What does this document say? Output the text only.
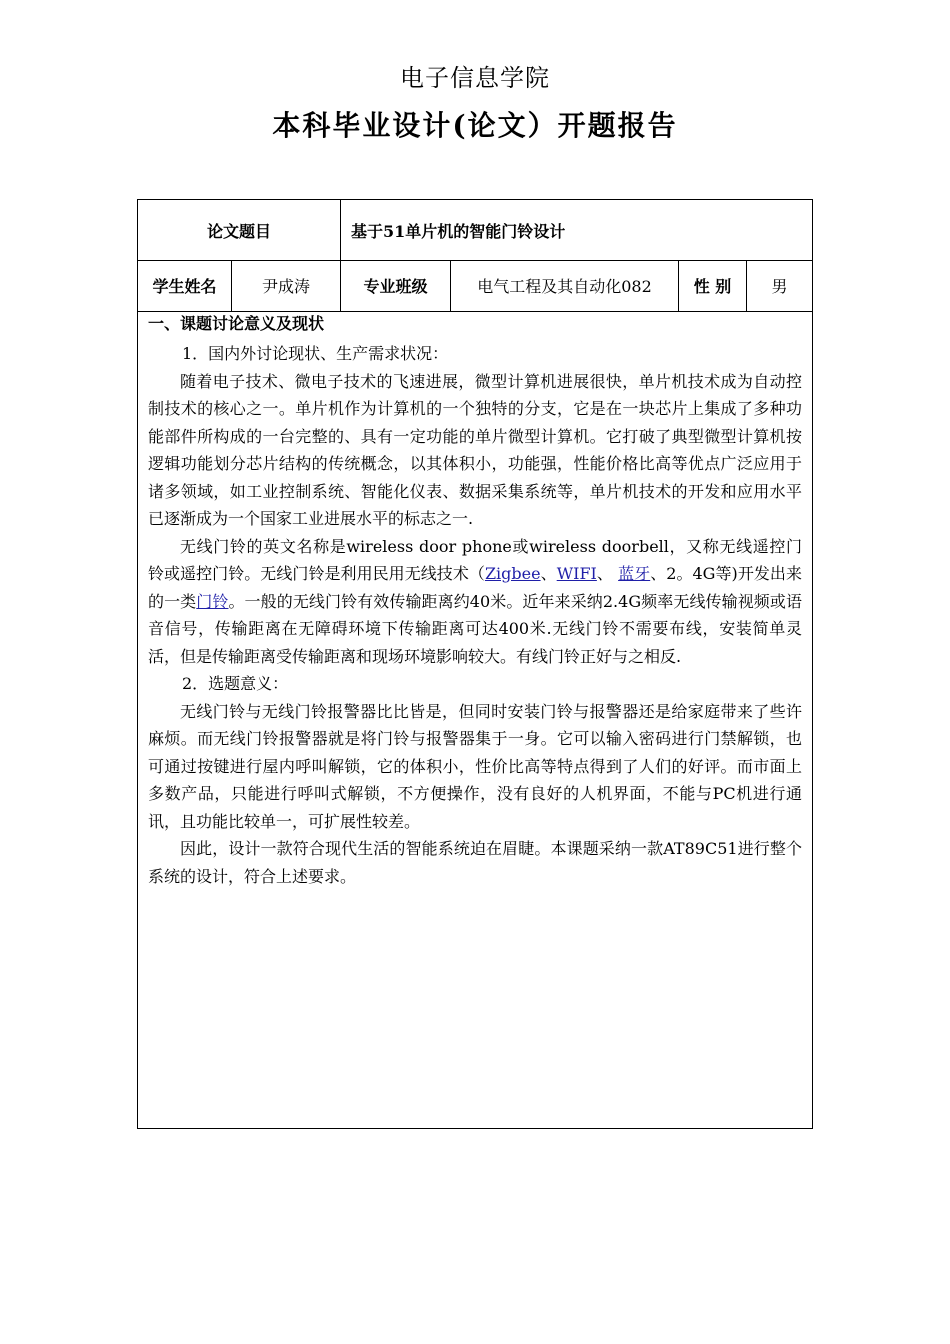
电子信息学院
本科毕业设计(论文）开题报告
论文题目	基于51单片机的智能门铃设计
学生姓名	尹成涛	专业班级	电气工程及其自动化082	性 别	男
一、课题讨论意义及现状

1．国内外讨论现状、生产需求状况：

随着电子技术、微电子技术的飞速进展，微型计算机进展很快，单片机技术成为自动控制技术的核心之一。单片机作为计算机的一个独特的分支，它是在一块芯片上集成了多种功能部件所构成的一台完整的、具有一定功能的单片微型计算机。它打破了典型微型计算机按逻辑功能划分芯片结构的传统概念，以其体积小，功能强，性能价格比高等优点广泛应用于诸多领域，如工业控制系统、智能化仪表、数据采集系统等，单片机技术的开发和应用水平已逐渐成为一个国家工业进展水平的标志之一.

无线门铃的英文名称是wireless door phone或wireless doorbell，又称无线遥控门铃或遥控门铃。无线门铃是利用民用无线技术（Zigbee、WIFI、 蓝牙、2。4G等)开发出来的一类门铃。一般的无线门铃有效传输距离约40米。近年来采纳2.4G频率无线传输视频或语音信号，传输距离在无障碍环境下传输距离可达400米.无线门铃不需要布线，安装简单灵活，但是传输距离受传输距离和现场环境影响较大。有线门铃正好与之相反.

2．选题意义：

无线门铃与无线门铃报警器比比皆是，但同时安装门铃与报警器还是给家庭带来了些许麻烦。而无线门铃报警器就是将门铃与报警器集于一身。它可以输入密码进行门禁解锁，也可通过按键进行屋内呼叫解锁，它的体积小，性价比高等特点得到了人们的好评。而市面上多数产品，只能进行呼叫式解锁，不方便操作，没有良好的人机界面，不能与PC机进行通讯，且功能比较单一，可扩展性较差。

因此，设计一款符合现代生活的智能系统迫在眉睫。本课题采纳一款AT89C51进行整个系统的设计，符合上述要求。
